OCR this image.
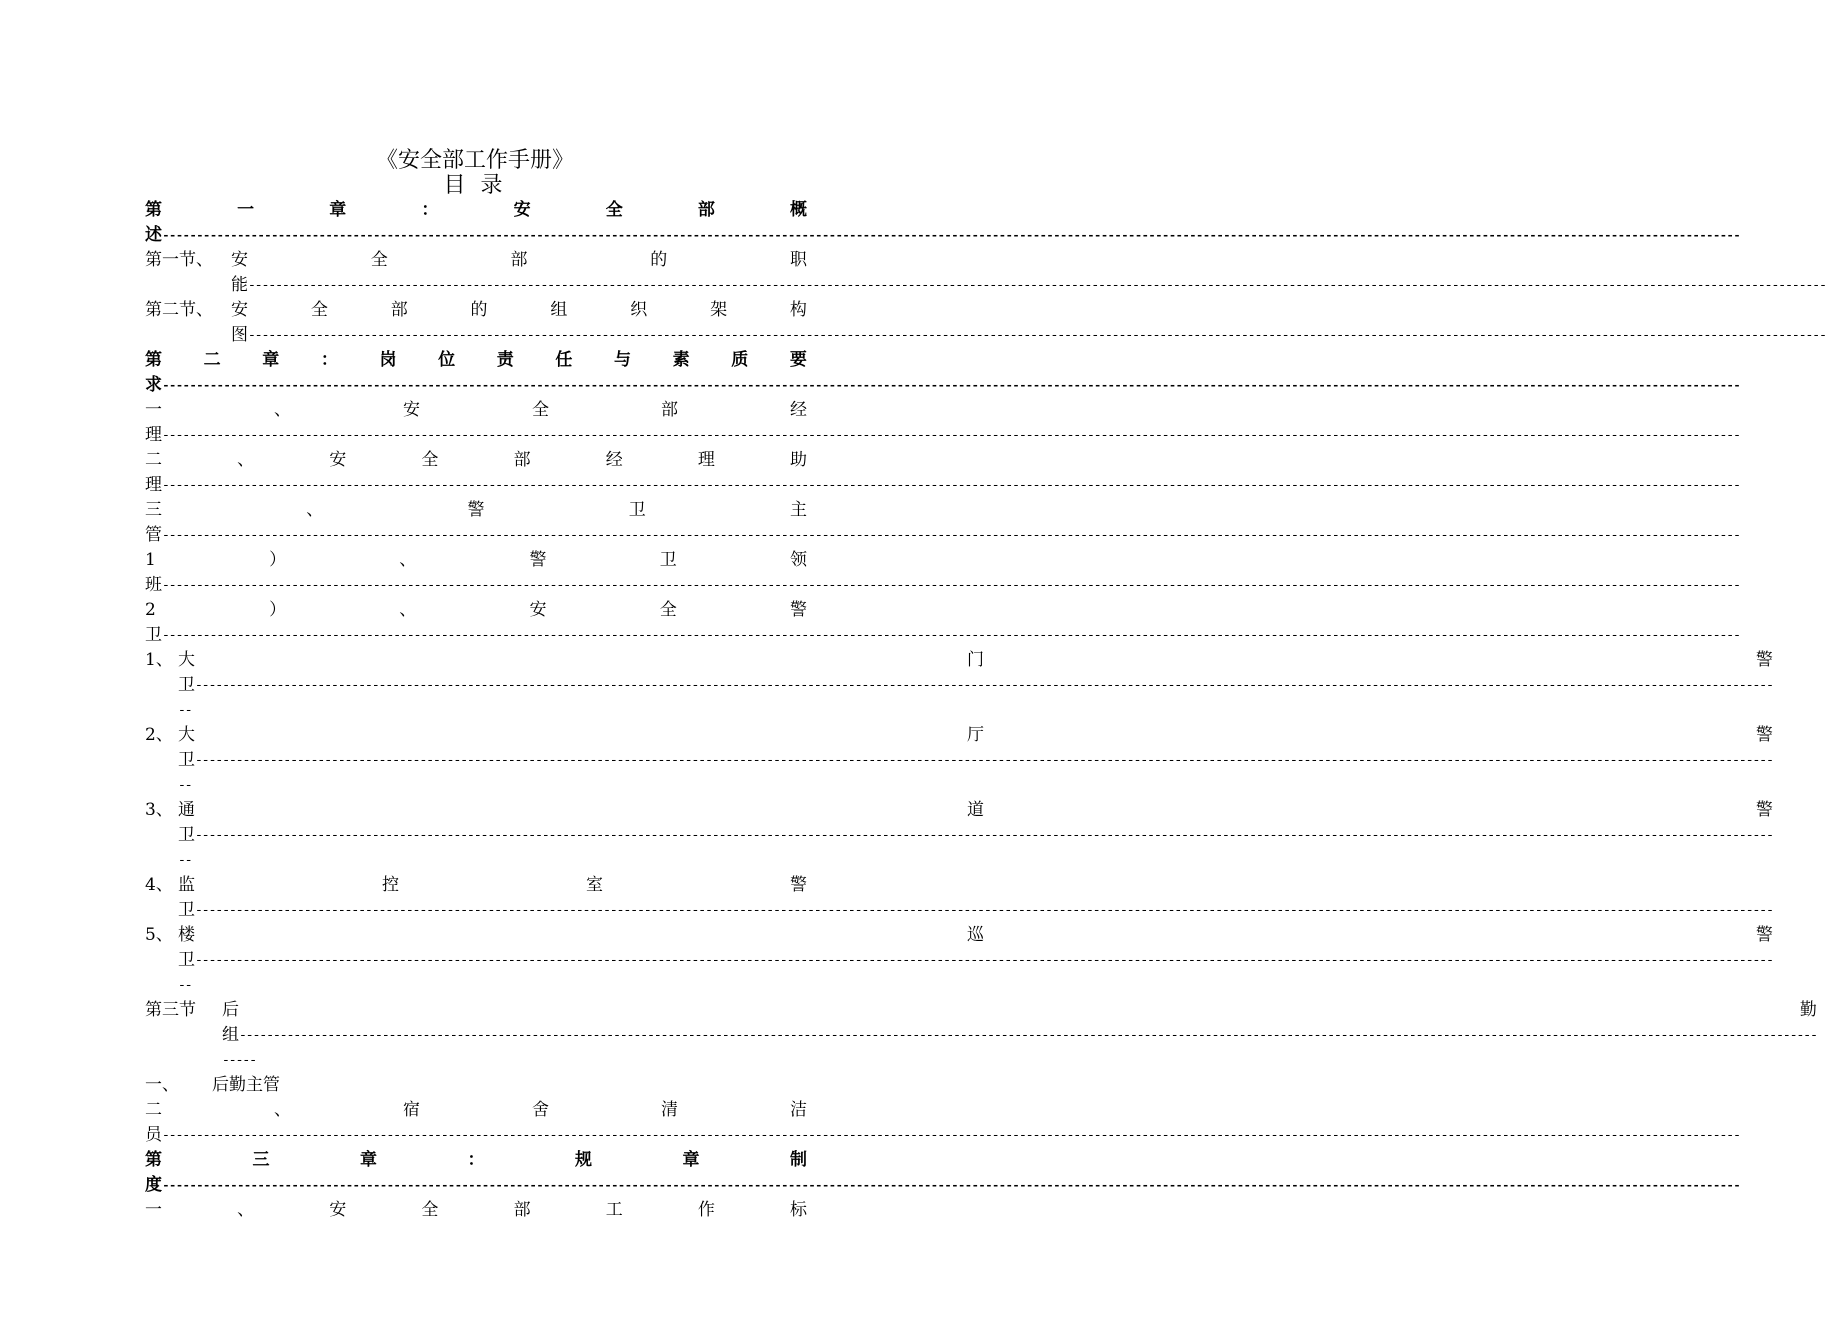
《安全部工作手册》
目 录
第	一	章	：	安	全	部	概
述
-----
第一节、	安	全	部	的	职
能
-----
第二节、	安	全	部	的	组	织	架	构
图
-----
第 二 章 ： 岗 位 责 任 与 素 质 要
求
-----
一	、	安	全	部	经
理
-----
二	、	安	全	部	经	理	助
理
-----
三	、	警	卫	主
管
-----
1	）	、	警	卫	领
班
-----
2	）	、	安	全	警
卫
-----
1、 大	门	警
卫
-----
--
2、 大	厅	警
卫
-----
--
3、 通	道	警
卫
-----
--
4、 监	控	室	警
卫
-----
5、 楼	巡	警
卫
-----
--
第三节	后	勤
组
-----
-----
一、	后勤主管
二	、	宿	舍	清	洁
员
-----
第	三	章	：	规	章	制
度
-----
一	、	安	全	部	工	作	标
